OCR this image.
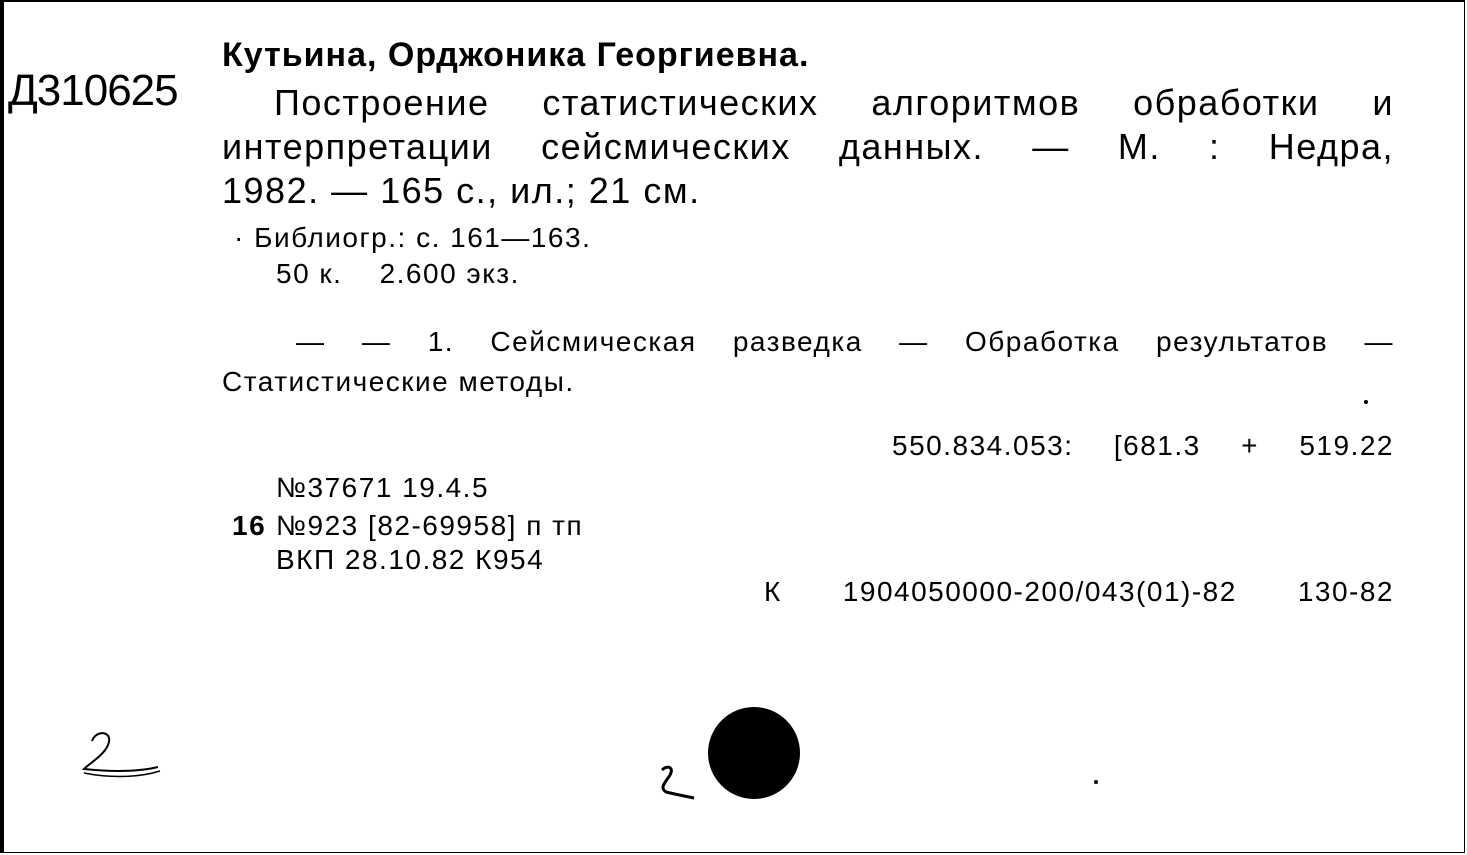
Д310625
Кутьина, Орджоника Георгиевна.
Построение статистических алгоритмов обработки и
интерпретации сейсмических данных. — М. : Недра,
1982. — 165 с., ил.; 21 см.
· Библиогр.: с. 161—163.
50 к.    2.600 экз.
— — 1. Сейсмическая разведка — Обработка результатов —
Статистические методы.
550.834.053: [681.3 + 519.22
№37671 19.4.5
16 №923 [82-69958] п тп
ВКП 28.10.82 К954
К 1904050000-200/043(01)-82 130-82
